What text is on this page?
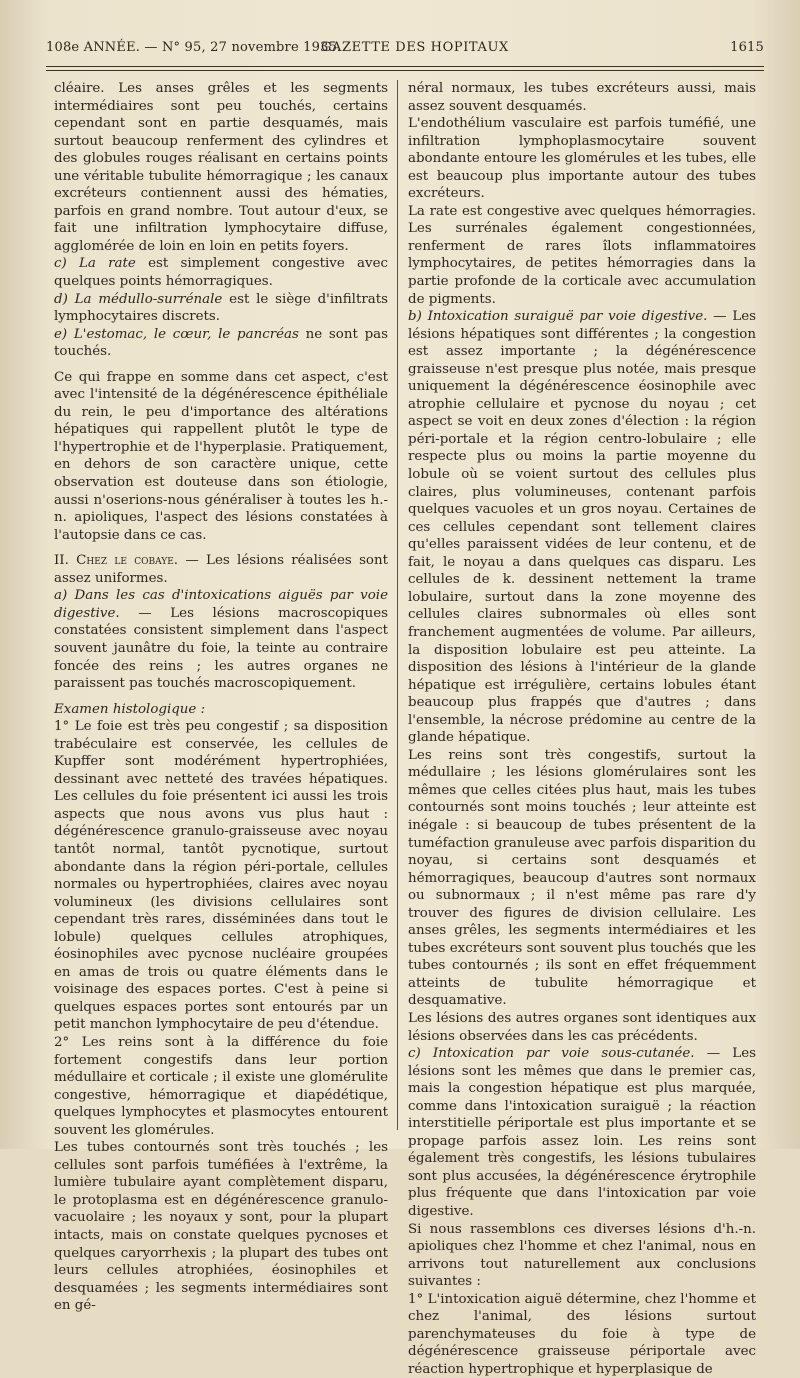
108e ANNÉE. — N° 95, 27 novembre 1935.
GAZETTE DES HOPITAUX	1615

cléaire. Les anses grêles et les segments intermédiaires sont peu touchés, certains cependant sont en partie desquamés, mais surtout beaucoup renferment des cylindres et des globules rouges réalisant en certains points une véritable tubulite hémorragique ; les canaux excréteurs contiennent aussi des hématies, parfois en grand nombre. Tout autour d'eux, se fait une infiltration lymphocytaire diffuse, agglomérée de loin en loin en petits foyers.

c) La rate est simplement congestive avec quelques points hémorragiques.

d) La médullo-surrénale est le siège d'infiltrats lymphocytaires discrets.

e) L'estomac, le cœur, le pancréas ne sont pas touchés.

Ce qui frappe en somme dans cet aspect, c'est avec l'intensité de la dégénérescence épithéliale du rein, le peu d'importance des altérations hépatiques qui rappellent plutôt le type de l'hypertrophie et de l'hyperplasie. Pratiquement, en dehors de son caractère unique, cette observation est douteuse dans son étiologie, aussi n'oserions-nous généraliser à toutes les h.-n. apioliques, l'aspect des lésions constatées à l'autopsie dans ce cas.

II. Chez le cobaye. — Les lésions réalisées sont assez uniformes.

a) Dans les cas d'intoxications aiguës par voie digestive. — Les lésions macroscopiques constatées consistent simplement dans l'aspect souvent jaunâtre du foie, la teinte au contraire foncée des reins ; les autres organes ne paraissent pas touchés macroscopiquement.

Examen histologique :

1° Le foie est très peu congestif ; sa disposition trabéculaire est conservée, les cellules de Kupffer sont modérément hypertrophiées, dessinant avec netteté des travées hépatiques. Les cellules du foie présentent ici aussi les trois aspects que nous avons vus plus haut : dégénérescence granulo-graisseuse avec noyau tantôt normal, tantôt pycnotique, surtout abondante dans la région péri-portale, cellules normales ou hypertrophiées, claires avec noyau volumineux (les divisions cellulaires sont cependant très rares, disséminées dans tout le lobule) quelques cellules atrophiques, éosinophiles avec pycnose nucléaire groupées en amas de trois ou quatre éléments dans le voisinage des espaces portes. C'est à peine si quelques espaces portes sont entourés par un petit manchon lymphocytaire de peu d'étendue.

2° Les reins sont à la différence du foie fortement congestifs dans leur portion médullaire et corticale ; il existe une glomérulite congestive, hémorragique et diapédétique, quelques lymphocytes et plasmocytes entourent souvent les glomérules.

Les tubes contournés sont très touchés ; les cellules sont parfois tuméfiées à l'extrême, la lumière tubulaire ayant complètement disparu, le protoplasma est en dégénérescence granulo-vacuolaire ; les noyaux y sont, pour la plupart intacts, mais on constate quelques pycnoses et quelques caryorrhexis ; la plupart des tubes ont leurs cellules atrophiées, éosinophiles et desquamées ; les segments intermédiaires sont en gé-

néral normaux, les tubes excréteurs aussi, mais assez souvent desquamés.

L'endothélium vasculaire est parfois tuméfié, une infiltration lymphoplasmocytaire souvent abondante entoure les glomérules et les tubes, elle est beaucoup plus importante autour des tubes excréteurs.

La rate est congestive avec quelques hémorragies. Les surrénales également congestionnées, renferment de rares îlots inflammatoires lymphocytaires, de petites hémorragies dans la partie profonde de la corticale avec accumulation de pigments.

b) Intoxication suraiguë par voie digestive. — Les lésions hépatiques sont différentes ; la congestion est assez importante ; la dégénérescence graisseuse n'est presque plus notée, mais presque uniquement la dégénérescence éosinophile avec atrophie cellulaire et pycnose du noyau ; cet aspect se voit en deux zones d'élection : la région péri-portale et la région centro-lobulaire ; elle respecte plus ou moins la partie moyenne du lobule où se voient surtout des cellules plus claires, plus volumineuses, contenant parfois quelques vacuoles et un gros noyau. Certaines de ces cellules cependant sont tellement claires qu'elles paraissent vidées de leur contenu, et de fait, le noyau a dans quelques cas disparu. Les cellules de k. dessinent nettement la trame lobulaire, surtout dans la zone moyenne des cellules claires subnormales où elles sont franchement augmentées de volume. Par ailleurs, la disposition lobulaire est peu atteinte. La disposition des lésions à l'intérieur de la glande hépatique est irrégulière, certains lobules étant beaucoup plus frappés que d'autres ; dans l'ensemble, la nécrose prédomine au centre de la glande hépatique.

Les reins sont très congestifs, surtout la médullaire ; les lésions glomérulaires sont les mêmes que celles citées plus haut, mais les tubes contournés sont moins touchés ; leur atteinte est inégale : si beaucoup de tubes présentent de la tuméfaction granuleuse avec parfois disparition du noyau, si certains sont desquamés et hémorragiques, beaucoup d'autres sont normaux ou subnormaux ; il n'est même pas rare d'y trouver des figures de division cellulaire. Les anses grêles, les segments intermédiaires et les tubes excréteurs sont souvent plus touchés que les tubes contournés ; ils sont en effet fréquemment atteints de tubulite hémorragique et desquamative.

Les lésions des autres organes sont identiques aux lésions observées dans les cas précédents.

c) Intoxication par voie sous-cutanée. — Les lésions sont les mêmes que dans le premier cas, mais la congestion hépatique est plus marquée, comme dans l'intoxication suraiguë ; la réaction interstitielle périportale est plus importante et se propage parfois assez loin. Les reins sont également très congestifs, les lésions tubulaires sont plus accusées, la dégénérescence érytrophile plus fréquente que dans l'intoxication par voie digestive.

Si nous rassemblons ces diverses lésions d'h.-n. apioliques chez l'homme et chez l'animal, nous en arrivons tout naturellement aux conclusions suivantes :

1° L'intoxication aiguë détermine, chez l'homme et chez l'animal, des lésions surtout parenchymateuses du foie à type de dégénérescence graisseuse périportale avec réaction hypertrophique et hyperplasique de
